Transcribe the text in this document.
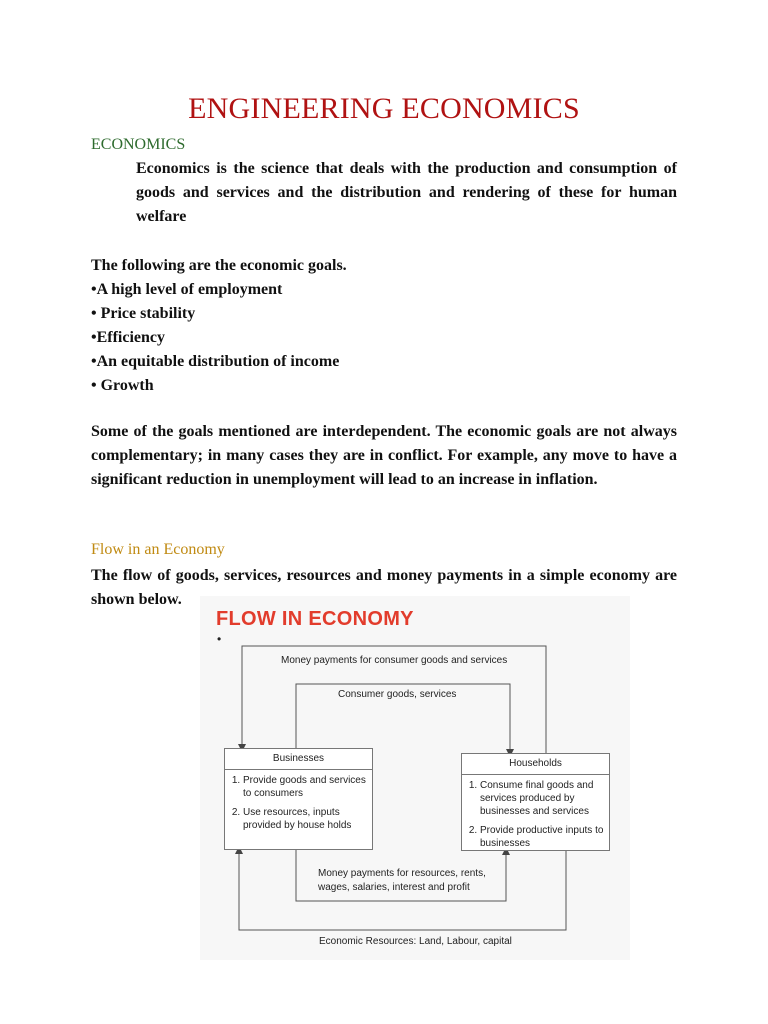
ENGINEERING ECONOMICS
ECONOMICS
Economics is the science that deals with the production and consumption of goods and services and the distribution and rendering of these for human welfare
The following are the economic goals.
•A high level of employment
• Price stability
•Efficiency
•An equitable distribution of income
• Growth
Some of the goals mentioned are interdependent. The economic goals are not always complementary; in many cases they are in conflict. For example, any move to have a significant reduction in unemployment will lead to an increase in inflation.
Flow in an Economy
The flow of goods, services, resources and money payments in a simple economy are shown below.
FLOW IN ECONOMY
•
Money payments for consumer goods and services
Consumer goods, services
Businesses
1. Provide goods and services to consumers
2. Use resources, inputs provided by house holds
Households
1. Consume final goods and services produced by businesses and services
2. Provide productive inputs to businesses
Money payments for resources, rents,
wages, salaries, interest and profit
Economic Resources: Land, Labour, capital
